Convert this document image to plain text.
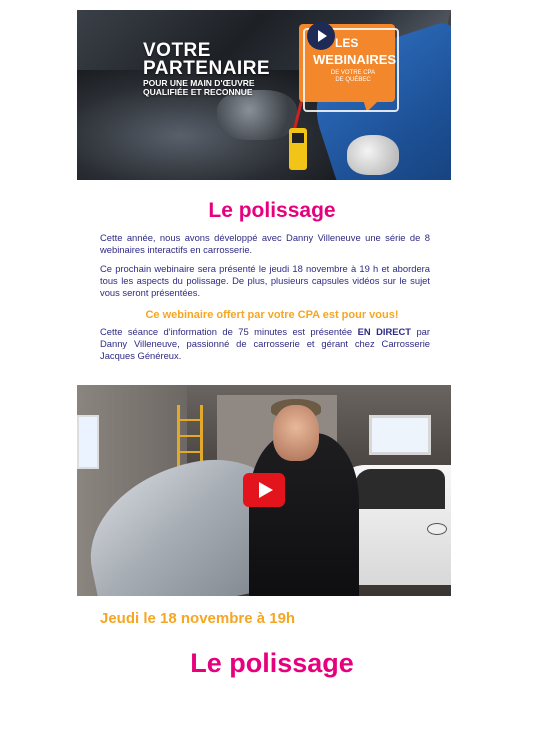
VOTRE
PARTENAIRE
POUR UNE MAIN D'ŒUVRE
QUALIFIÉE ET RECONNUE
LES
WEBINAIRES
DE VOTRE CPA
DE QUÉBEC
Le polissage

Cette année, nous avons développé avec Danny Villeneuve une série de 8 webinaires interactifs en carrosserie.

Ce prochain webinaire sera présenté le jeudi 18 novembre à 19 h et abordera tous les aspects du polissage. De plus, plusieurs capsules vidéos sur le sujet vous seront présentées.

Ce webinaire offert par votre CPA est pour vous!

Cette séance d'information de 75 minutes est présentée EN DIRECT par Danny Villeneuve, passionné de carrosserie et gérant chez Carrosserie Jacques Généreux.

Jeudi le 18 novembre à 19h
Le polissage
